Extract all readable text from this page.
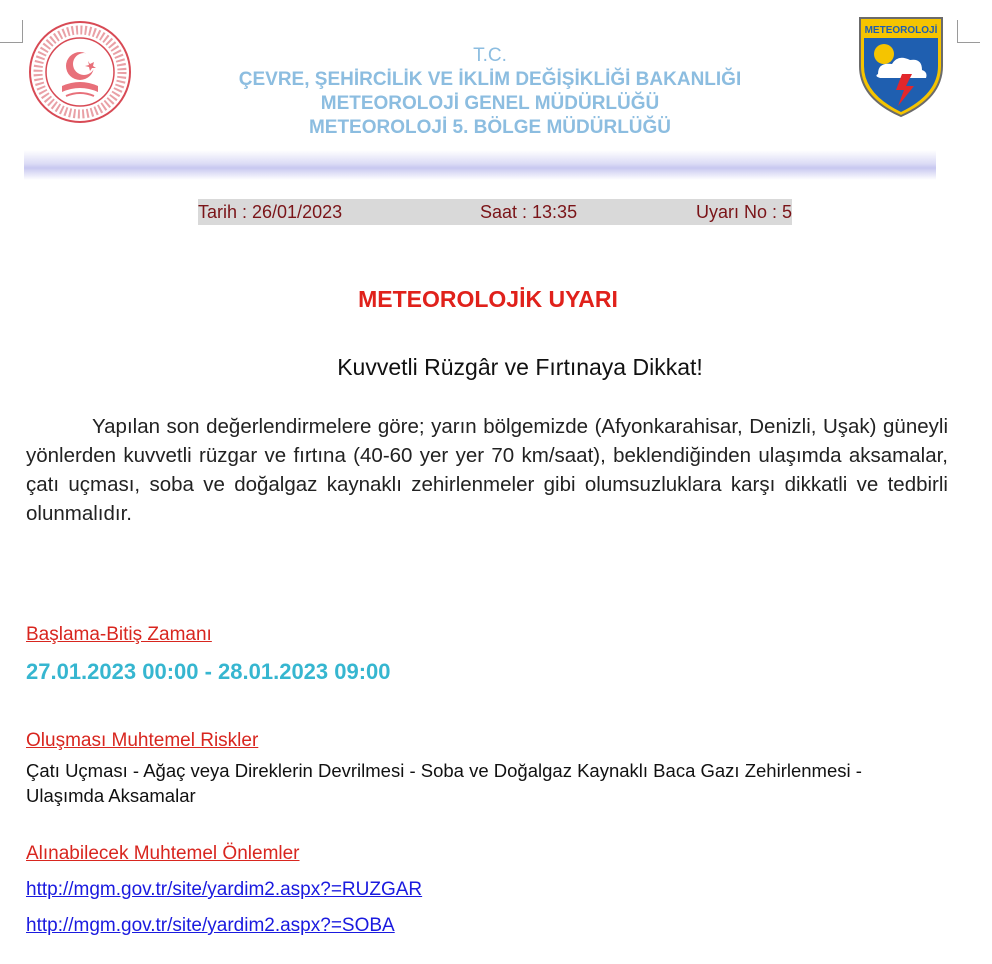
METEOROLOJİ
T.C.
ÇEVRE, ŞEHİRCİLİK VE İKLİM DEĞİŞİKLİĞİ BAKANLIĞI
METEOROLOJİ GENEL MÜDÜRLÜĞÜ
METEOROLOJİ 5. BÖLGE MÜDÜRLÜĞÜ
Tarih : 26/01/2023	Saat : 13:35	Uyarı No : 5
METEOROLOJİK UYARI
Kuvvetli Rüzgâr ve Fırtınaya Dikkat!
Yapılan son değerlendirmelere göre; yarın bölgemizde (Afyonkarahisar, Denizli, Uşak) güneyli yönlerden kuvvetli rüzgar ve fırtına (40-60 yer yer 70 km/saat), beklendiğinden ulaşımda aksamalar, çatı uçması, soba ve doğalgaz kaynaklı zehirlenmeler gibi olumsuzluklara karşı dikkatli ve tedbirli olunmalıdır.
Başlama-Bitiş Zamanı
27.01.2023 00:00 - 28.01.2023 09:00
Oluşması Muhtemel Riskler
Çatı Uçması - Ağaç veya Direklerin Devrilmesi - Soba ve Doğalgaz Kaynaklı Baca Gazı Zehirlenmesi - Ulaşımda Aksamalar
Alınabilecek Muhtemel Önlemler
http://mgm.gov.tr/site/yardim2.aspx?=RUZGAR
http://mgm.gov.tr/site/yardim2.aspx?=SOBA
